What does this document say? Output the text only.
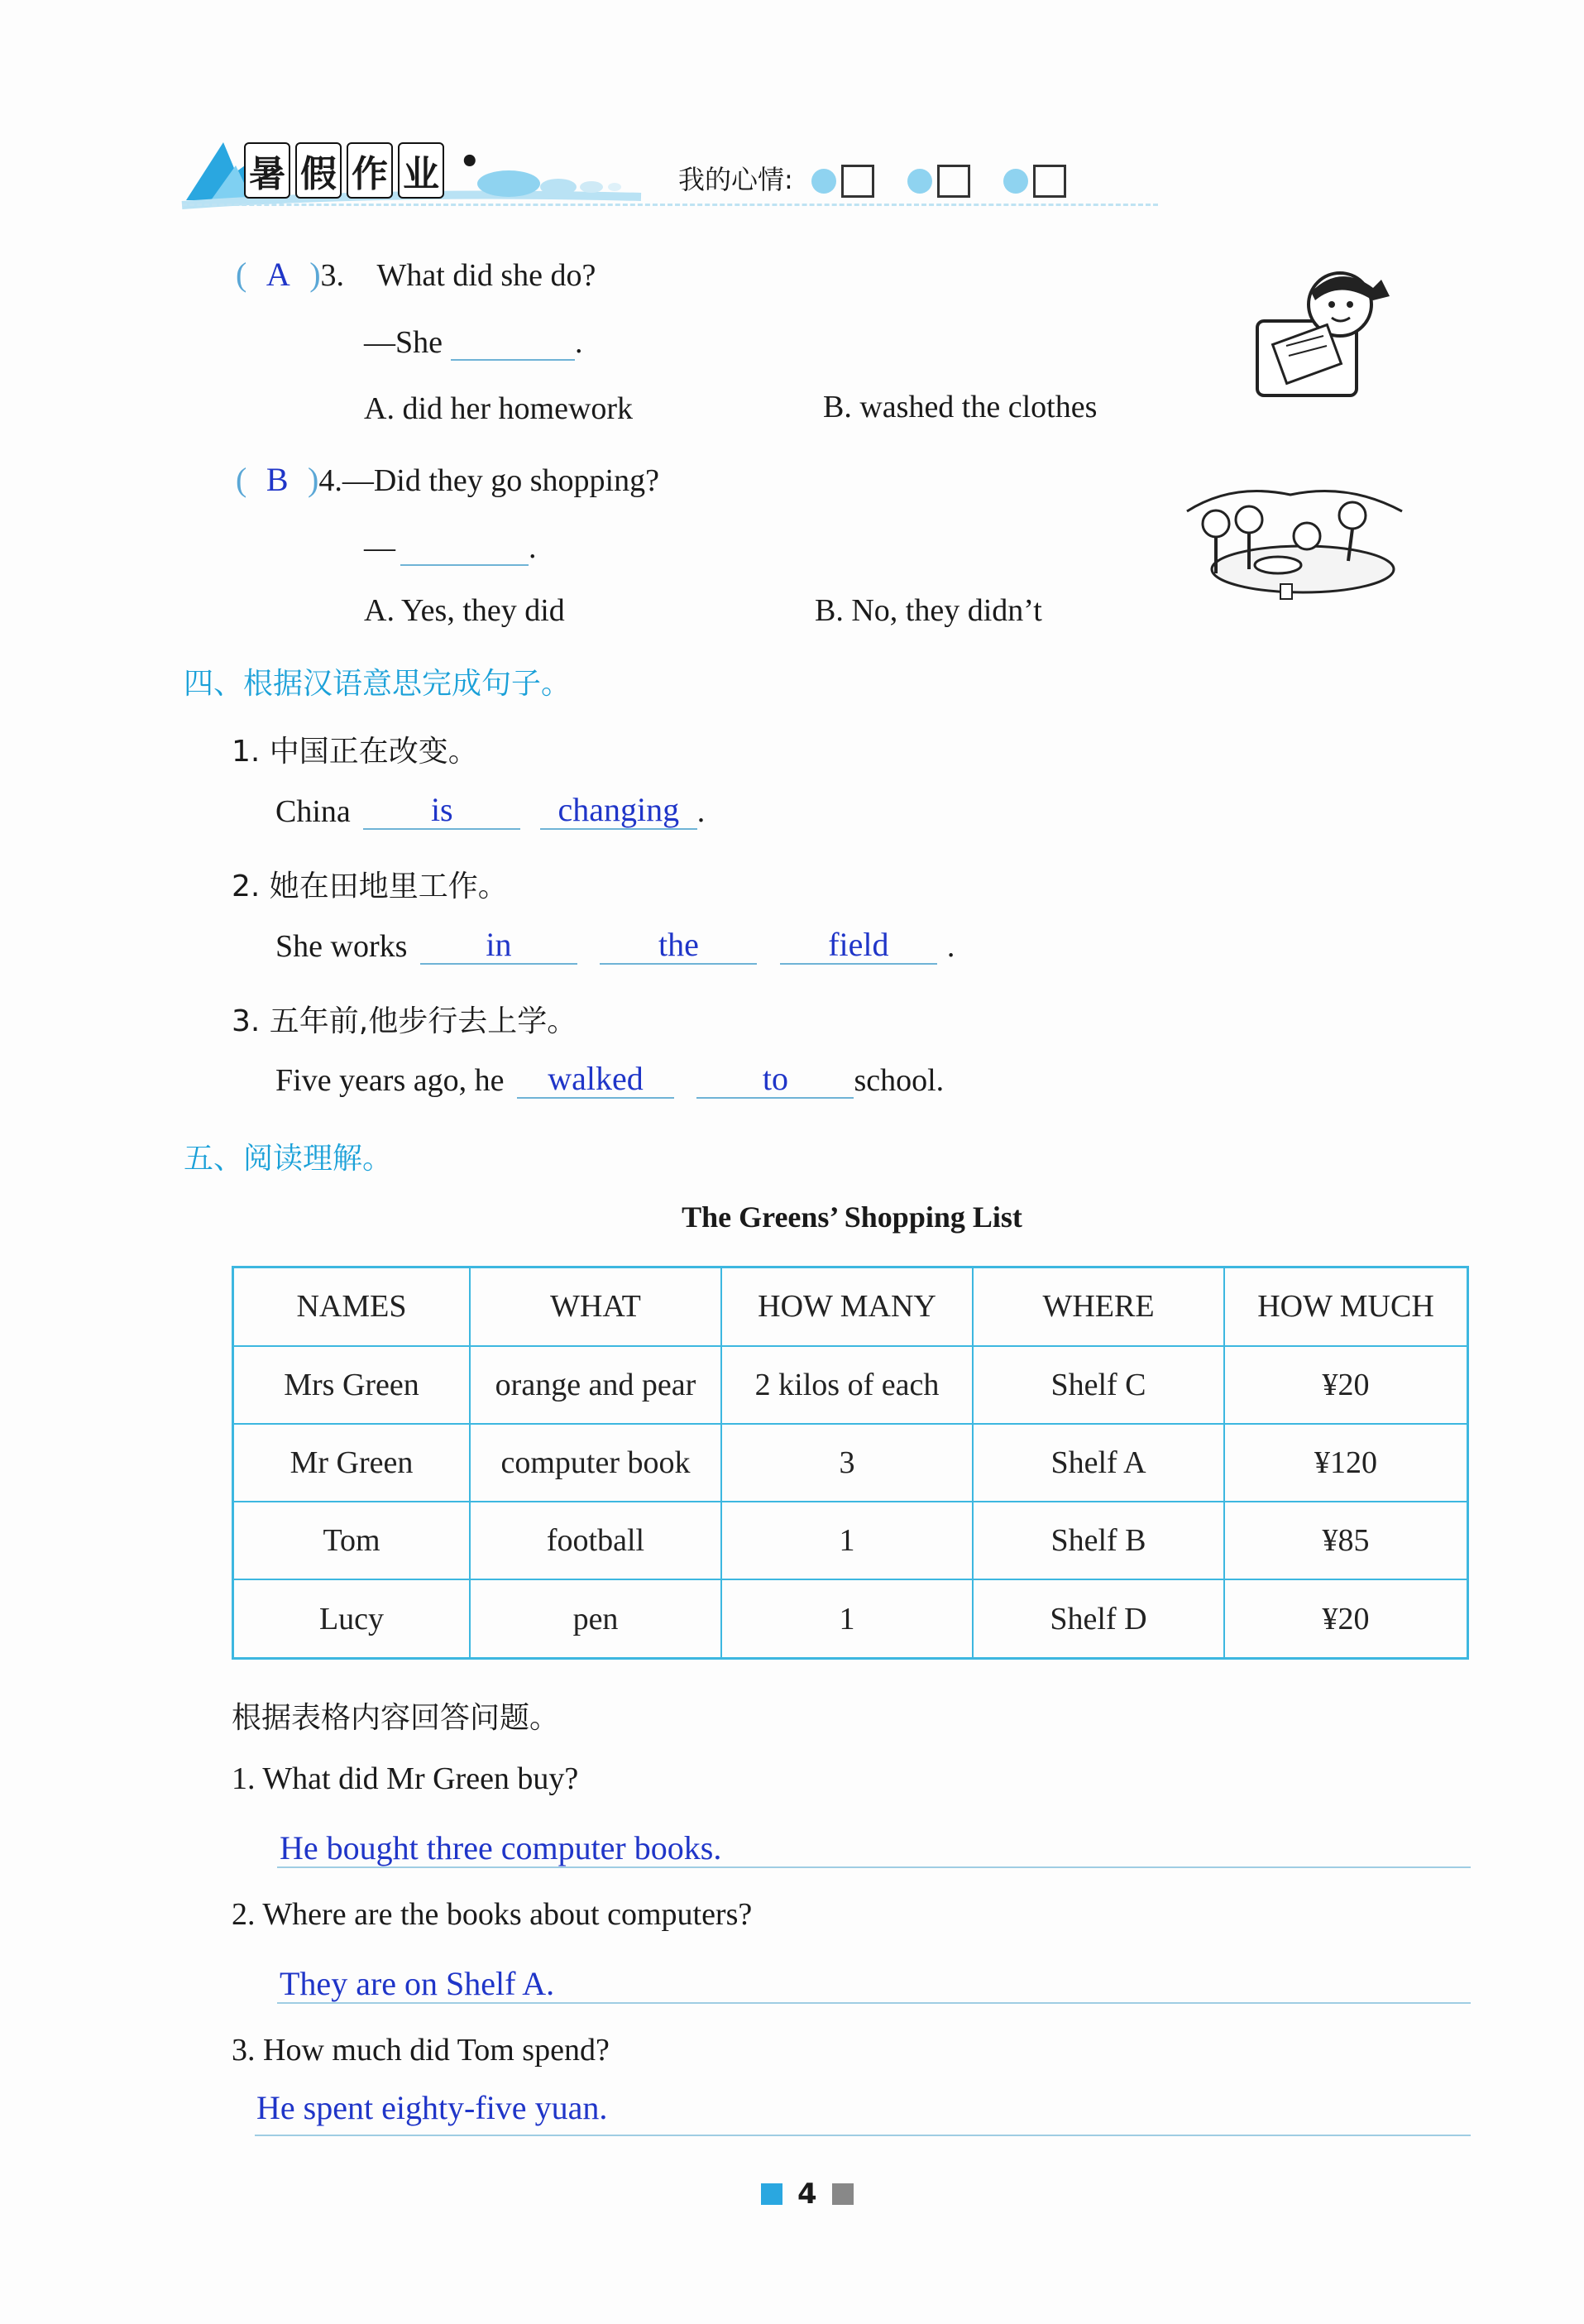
暑 假 作 业 •	我的心情:
( A )3. What did she do?
—She	.
A. did her homework	B. washed the clothes
( B )4.—Did they go shopping?
—	.
A. Yes, they did	B. No, they didn’t
四、根据汉语意思完成句子。
1. 中国正在改变。
China is	changing .
2. 她在田地里工作。
She works in	the	field .
3. 五年前,他步行去上学。
Five years ago, he walked	to school.
五、阅读理解。
The Greens’ Shopping List
NAMES	WHAT	HOW MANY	WHERE	HOW MUCH
Mrs Green	orange and pear	2 kilos of each	Shelf C	¥20
Mr Green	computer book	3	Shelf A	¥120
Tom	football	1	Shelf B	¥85
Lucy	pen	1	Shelf D	¥20
根据表格内容回答问题。
1. What did Mr Green buy?
He bought three computer books.
2. Where are the books about computers?
They are on Shelf A.
3. How much did Tom spend?
He spent eighty-five yuan.
4
